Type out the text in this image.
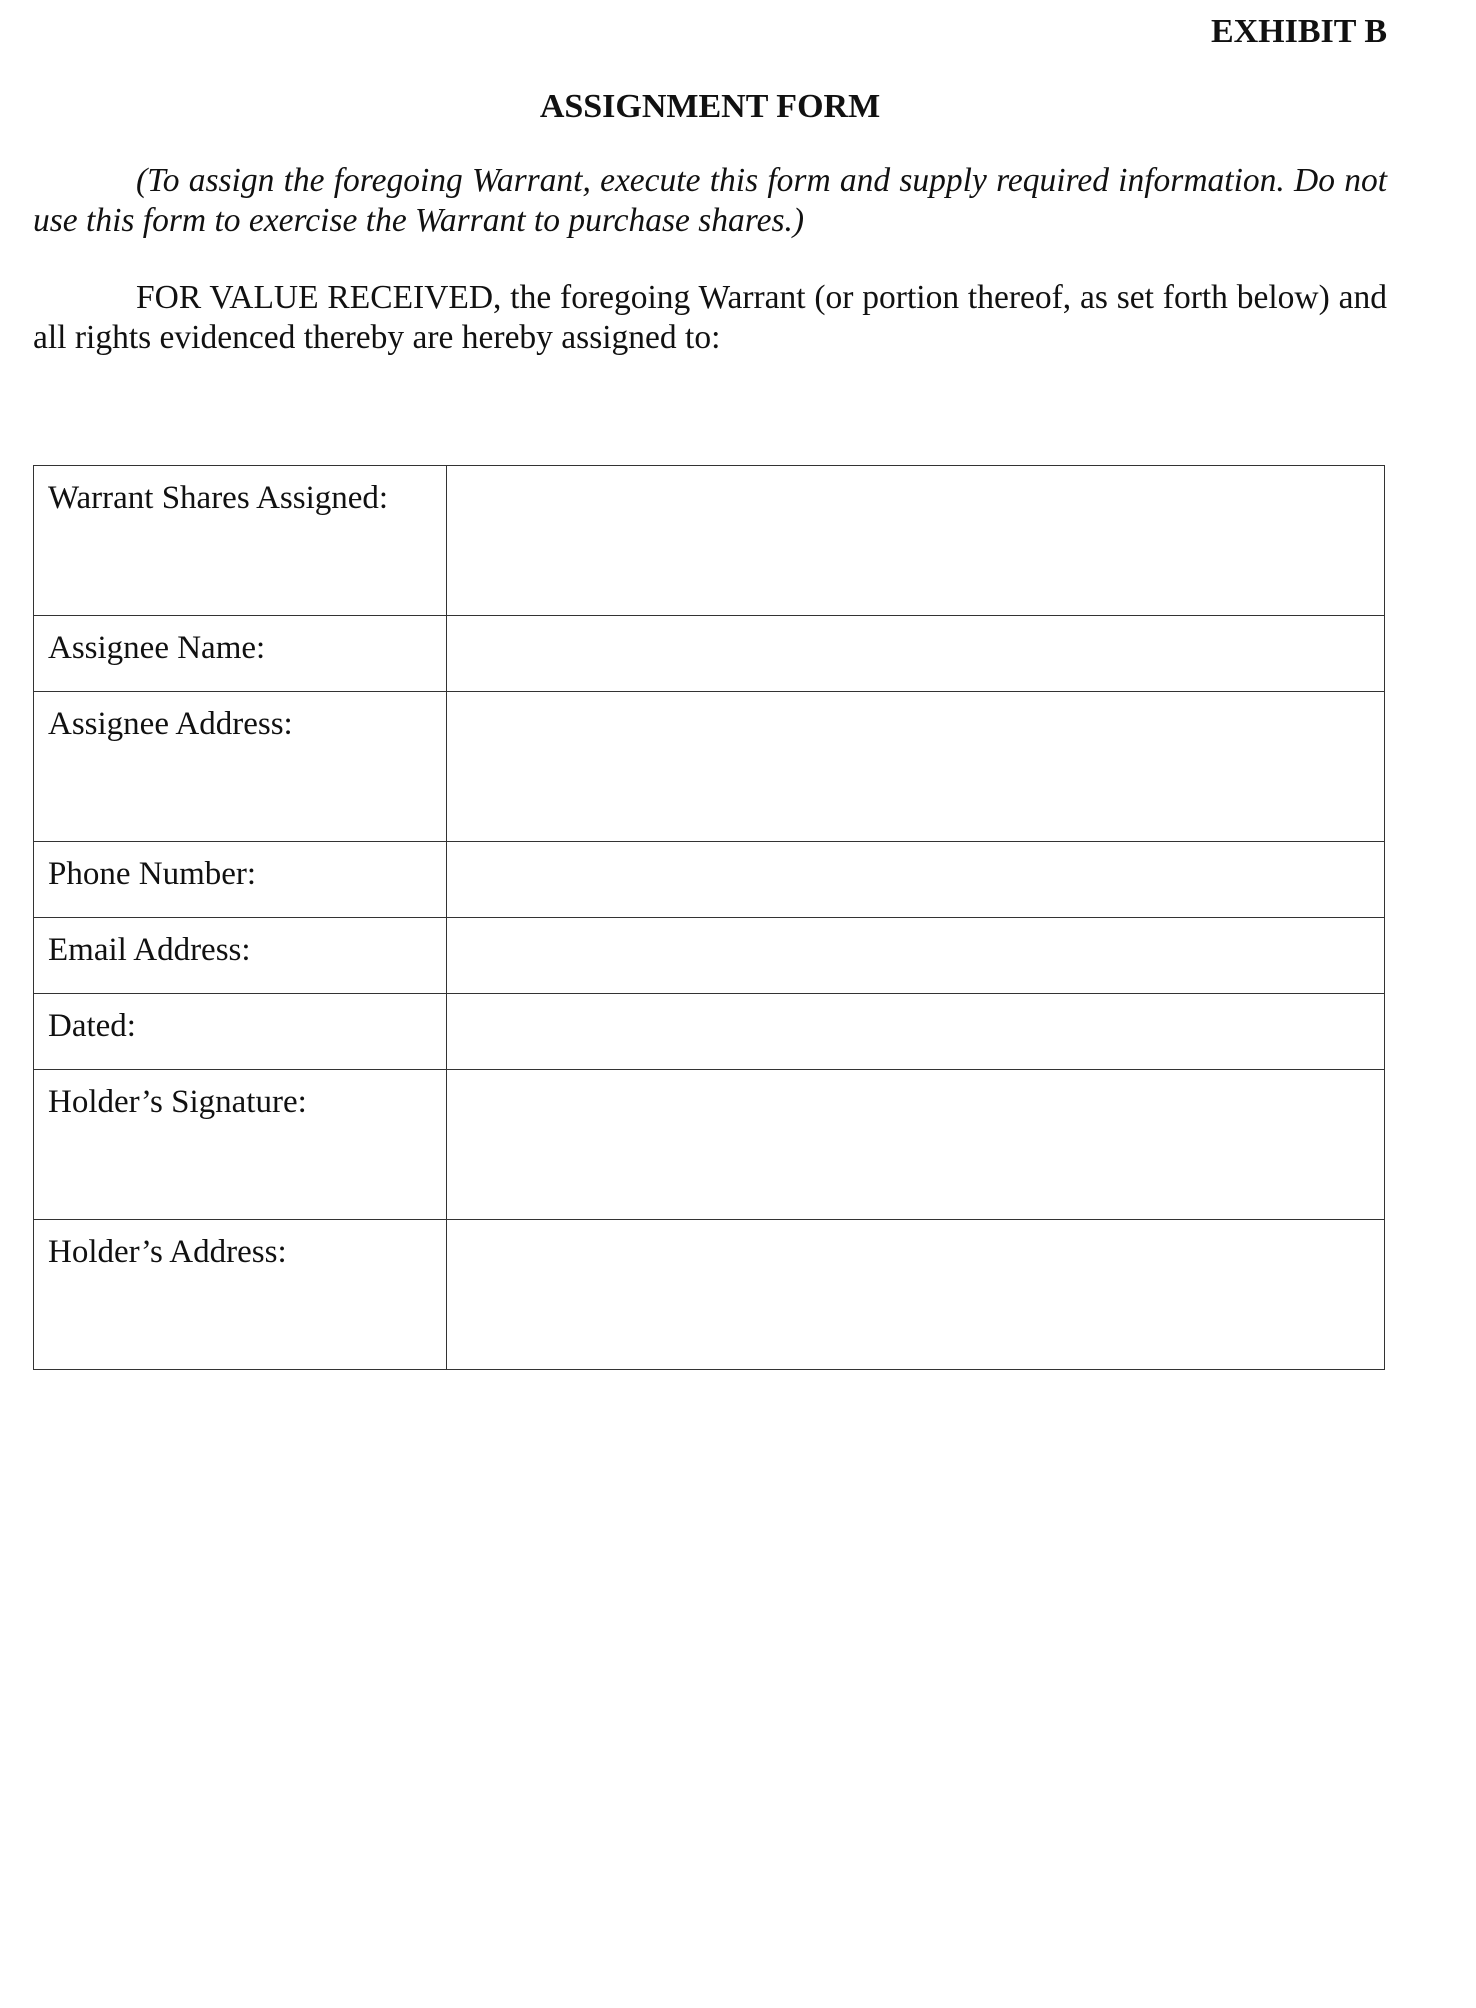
EXHIBIT B

ASSIGNMENT FORM

(To assign the foregoing Warrant, execute this form and supply required information. Do not use this form to exercise the Warrant to purchase shares.)

FOR VALUE RECEIVED, the foregoing Warrant (or portion thereof, as set forth below) and all rights evidenced thereby are hereby assigned to:

Warrant Shares Assigned:	
Assignee Name:	
Assignee Address:	
Phone Number:	
Email Address:	
Dated:	
Holder’s Signature:	
Holder’s Address:	
